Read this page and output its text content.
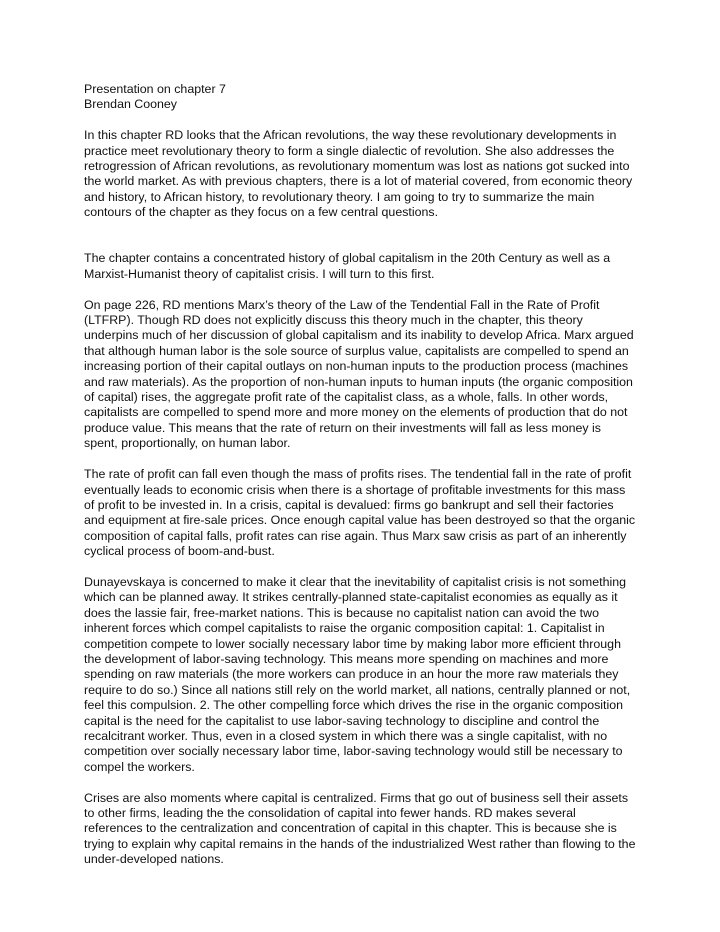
Presentation on chapter 7

Brendan Cooney

In this chapter RD looks that the African revolutions, the way these revolutionary developments in practice meet revolutionary theory to form a single dialectic of revolution. She also addresses the retrogression of African revolutions, as revolutionary momentum was lost as nations got sucked into the world market. As with previous chapters, there is a lot of material covered, from economic theory and history, to African history, to revolutionary theory. I am going to try to summarize the main contours of the chapter as they focus on a few central questions.

The chapter contains a concentrated history of global capitalism in the 20th Century as well as a Marxist-Humanist theory of capitalist crisis. I will turn to this first.

On page 226, RD mentions Marx’s theory of the Law of the Tendential Fall in the Rate of Profit (LTFRP). Though RD does not explicitly discuss this theory much in the chapter, this theory underpins much of her discussion of global capitalism and its inability to develop Africa. Marx argued that although human labor is the sole source of surplus value, capitalists are compelled to spend an increasing portion of their capital outlays on non-human inputs to the production process (machines and raw materials). As the proportion of non-human inputs to human inputs (the organic composition of capital) rises, the aggregate profit rate of the capitalist class, as a whole, falls. In other words, capitalists are compelled to spend more and more money on the elements of production that do not produce value. This means that the rate of return on their investments will fall as less money is spent, proportionally, on human labor.

The rate of profit can fall even though the mass of profits rises. The tendential fall in the rate of profit eventually leads to economic crisis when there is a shortage of profitable investments for this mass of profit to be invested in. In a crisis, capital is devalued: firms go bankrupt and sell their factories and equipment at fire-sale prices. Once enough capital value has been destroyed so that the organic composition of capital falls, profit rates can rise again. Thus Marx saw crisis as part of an inherently cyclical process of boom-and-bust.

Dunayevskaya is concerned to make it clear that the inevitability of capitalist crisis is not something which can be planned away. It strikes centrally-planned state-capitalist economies as equally as it does the lassie fair, free-market nations. This is because no capitalist nation can avoid the two inherent forces which compel capitalists to raise the organic composition capital: 1. Capitalist in competition compete to lower socially necessary labor time by making labor more efficient through the development of labor-saving technology. This means more spending on machines and more spending on raw materials (the more workers can produce in an hour the more raw materials they require to do so.) Since all nations still rely on the world market, all nations, centrally planned or not, feel this compulsion. 2. The other compelling force which drives the rise in the organic composition capital is the need for the capitalist to use labor-saving technology to discipline and control the recalcitrant worker. Thus, even in a closed system in which there was a single capitalist, with no competition over socially necessary labor time, labor-saving technology would still be necessary to compel the workers.

Crises are also moments where capital is centralized. Firms that go out of business sell their assets to other firms, leading the the consolidation of capital into fewer hands. RD makes several references to the centralization and concentration of capital in this chapter. This is because she is trying to explain why capital remains in the hands of the industrialized West rather than flowing to the under-developed nations.
